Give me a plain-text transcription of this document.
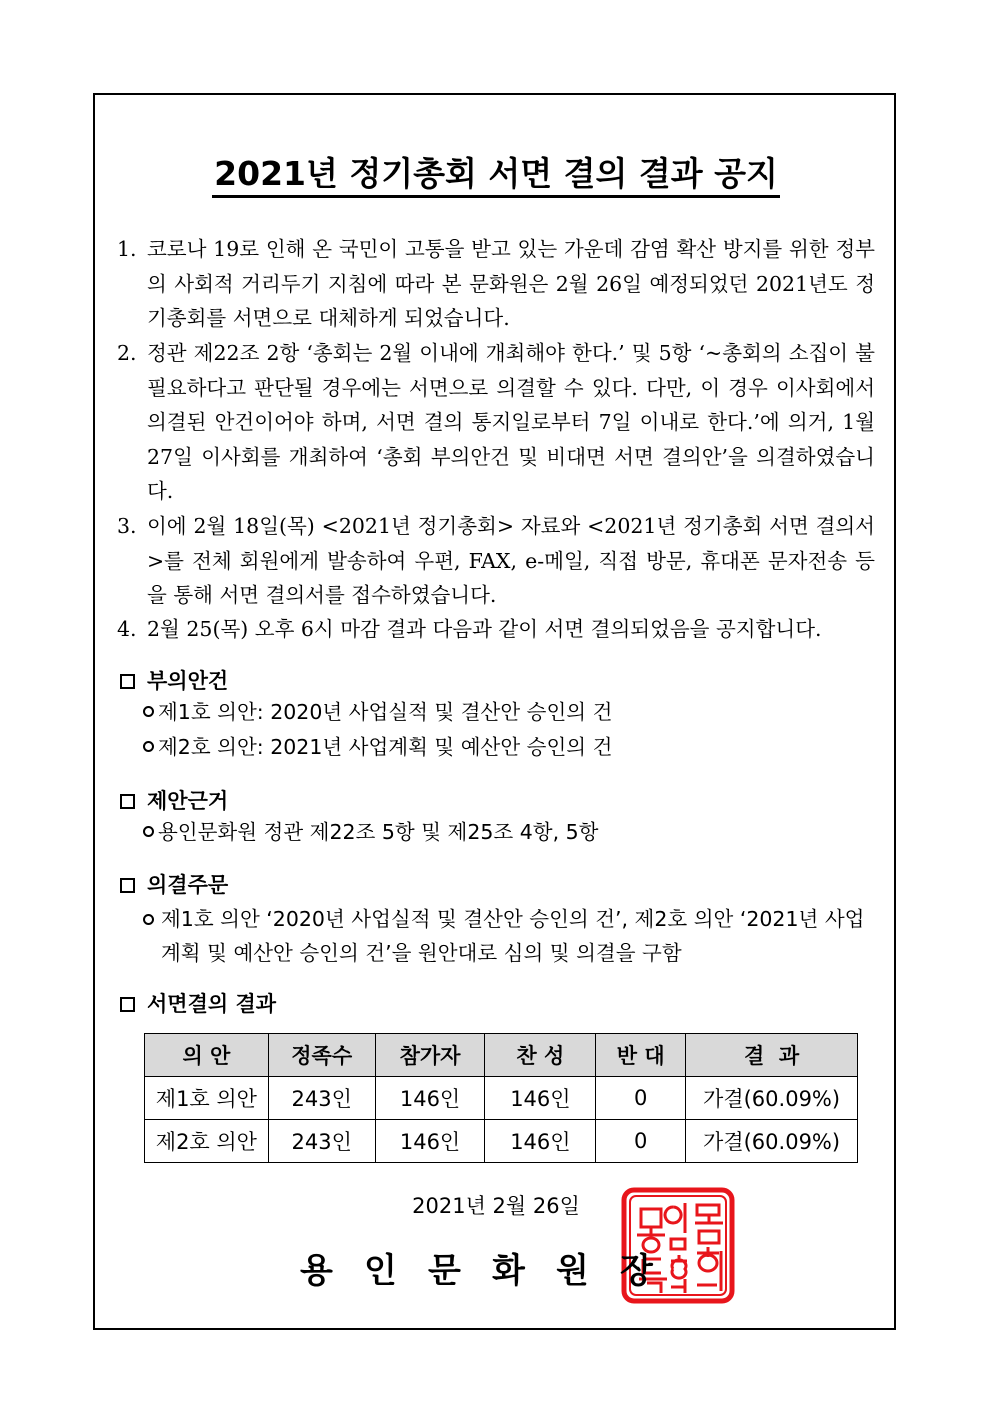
2021년 정기총회 서면 결의 결과 공지
1. 코로나 19로 인해 온 국민이 고통을 받고 있는 가운데 감염 확산 방지를 위한 정부의 사회적 거리두기 지침에 따라 본 문화원은 2월 26일 예정되었던 2021년도 정기총회를 서면으로 대체하게 되었습니다.
2. 정관 제22조 2항 ‘총회는 2월 이내에 개최해야 한다.’ 및 5항 ‘~총회의 소집이 불필요하다고 판단될 경우에는 서면으로 의결할 수 있다. 다만, 이 경우 이사회에서 의결된 안건이어야 하며, 서면 결의 통지일로부터 7일 이내로 한다.’에 의거, 1월 27일 이사회를 개최하여 ‘총회 부의안건 및 비대면 서면 결의안’을 의결하였습니다.
3. 이에 2월 18일(목) <2021년 정기총회> 자료와 <2021년 정기총회 서면 결의서>를 전체 회원에게 발송하여 우편, FAX, e-메일, 직접 방문, 휴대폰 문자전송 등을 통해 서면 결의서를 접수하였습니다.
4. 2월 25(목) 오후 6시 마감 결과 다음과 같이 서면 결의되었음을 공지합니다.
부의안건
제1호 의안: 2020년 사업실적 및 결산안 승인의 건
제2호 의안: 2021년 사업계획 및 예산안 승인의 건
제안근거
용인문화원 정관 제22조 5항 및 제25조 4항, 5항
의결주문
제1호 의안 ‘2020년 사업실적 및 결산안 승인의 건’, 제2호 의안 ‘2021년 사업계획 및 예산안 승인의 건’을 원안대로 심의 및 의결을 구함
서면결의 결과
의 안	정족수	참가자	찬 성	반 대	결  과
제1호 의안	243인	146인	146인	0	가결(60.09%)
제2호 의안	243인	146인	146인	0	가결(60.09%)
2021년 2월 26일
용 인 문 화 원 장
